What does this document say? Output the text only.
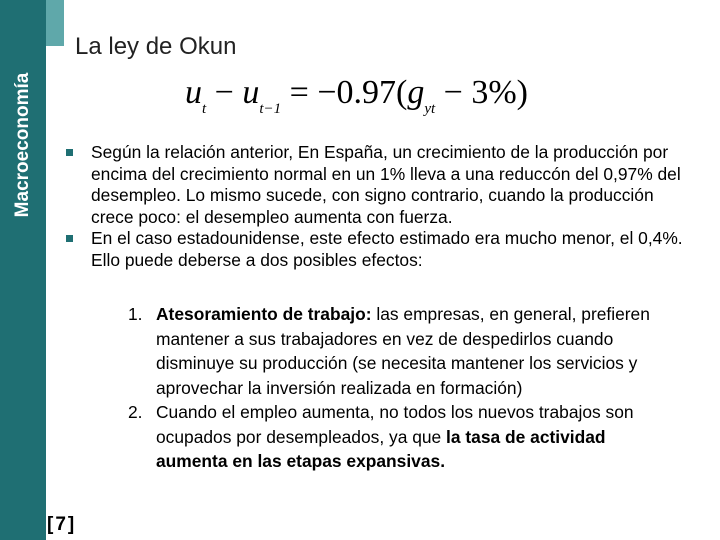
Macroeconomía
La ley de Okun
$u_t - u_{t-1} = -0.97(g_{yt} - 3\%)$
Según la relación anterior, En España, un crecimiento de la producción por encima del crecimiento normal en un 1% lleva a una reduccón del 0,97% del desempleo. Lo mismo sucede, con signo contrario, cuando la producción crece poco: el desempleo aumenta con fuerza.
En el caso estadounidense, este efecto estimado era mucho menor, el 0,4%. Ello puede deberse a dos posibles efectos:
1. Atesoramiento de trabajo: las empresas, en general, prefieren mantener a sus trabajadores en vez de despedirlos cuando disminuye su producción (se necesita mantener los servicios y aprovechar la inversión realizada en formación)
2. Cuando el empleo aumenta, no todos los nuevos trabajos son ocupados por desempleados, ya que la tasa de actividad aumenta en las etapas expansivas.
[7]
